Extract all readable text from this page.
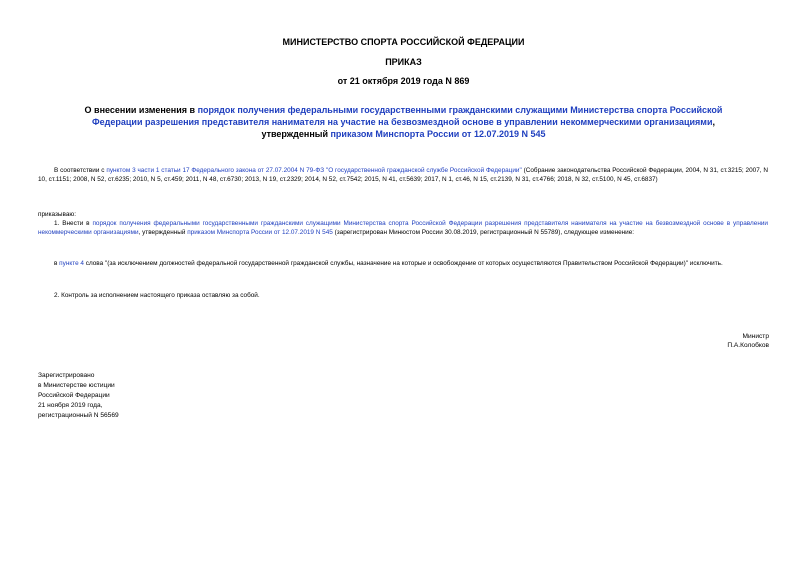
МИНИСТЕРСТВО СПОРТА РОССИЙСКОЙ ФЕДЕРАЦИИ
ПРИКАЗ
от 21 октября 2019 года N 869
О внесении изменения в порядок получения федеральными государственными гражданскими служащими Министерства спорта Российской Федерации разрешения представителя нанимателя на участие на безвозмездной основе в управлении некоммерческими организациями, утвержденный приказом Минспорта России от 12.07.2019 N 545
В соответствии с пунктом 3 части 1 статьи 17 Федерального закона от 27.07.2004 N 79-ФЗ "О государственной гражданской службе Российской Федерации" (Собрание законодательства Российской Федерации, 2004, N 31, ст.3215; 2007, N 10, ст.1151; 2008, N 52, ст.6235; 2010, N 5, ст.459; 2011, N 48, ст.6730; 2013, N 19, ст.2329; 2014, N 52, ст.7542; 2015, N 41, ст.5639; 2017, N 1, ст.46, N 15, ст.2139, N 31, ст.4766; 2018, N 32, ст.5100, N 45, ст.6837)
приказываю:
1. Внести в порядок получения федеральными государственными гражданскими служащими Министерства спорта Российской Федерации разрешения представителя нанимателя на участие на безвозмездной основе в управлении некоммерческими организациями, утвержденный приказом Минспорта России от 12.07.2019 N 545 (зарегистрирован Минюстом России 30.08.2019, регистрационный N 55789), следующее изменение:
в пункте 4 слова "(за исключением должностей федеральной государственной гражданской службы, назначение на которые и освобождение от которых осуществляются Правительством Российской Федерации)" исключить.
2. Контроль за исполнением настоящего приказа оставляю за собой.
Министр
П.А.Колобков
Зарегистрировано
в Министерстве юстиции
Российской Федерации
21 ноября 2019 года,
регистрационный N 56569
